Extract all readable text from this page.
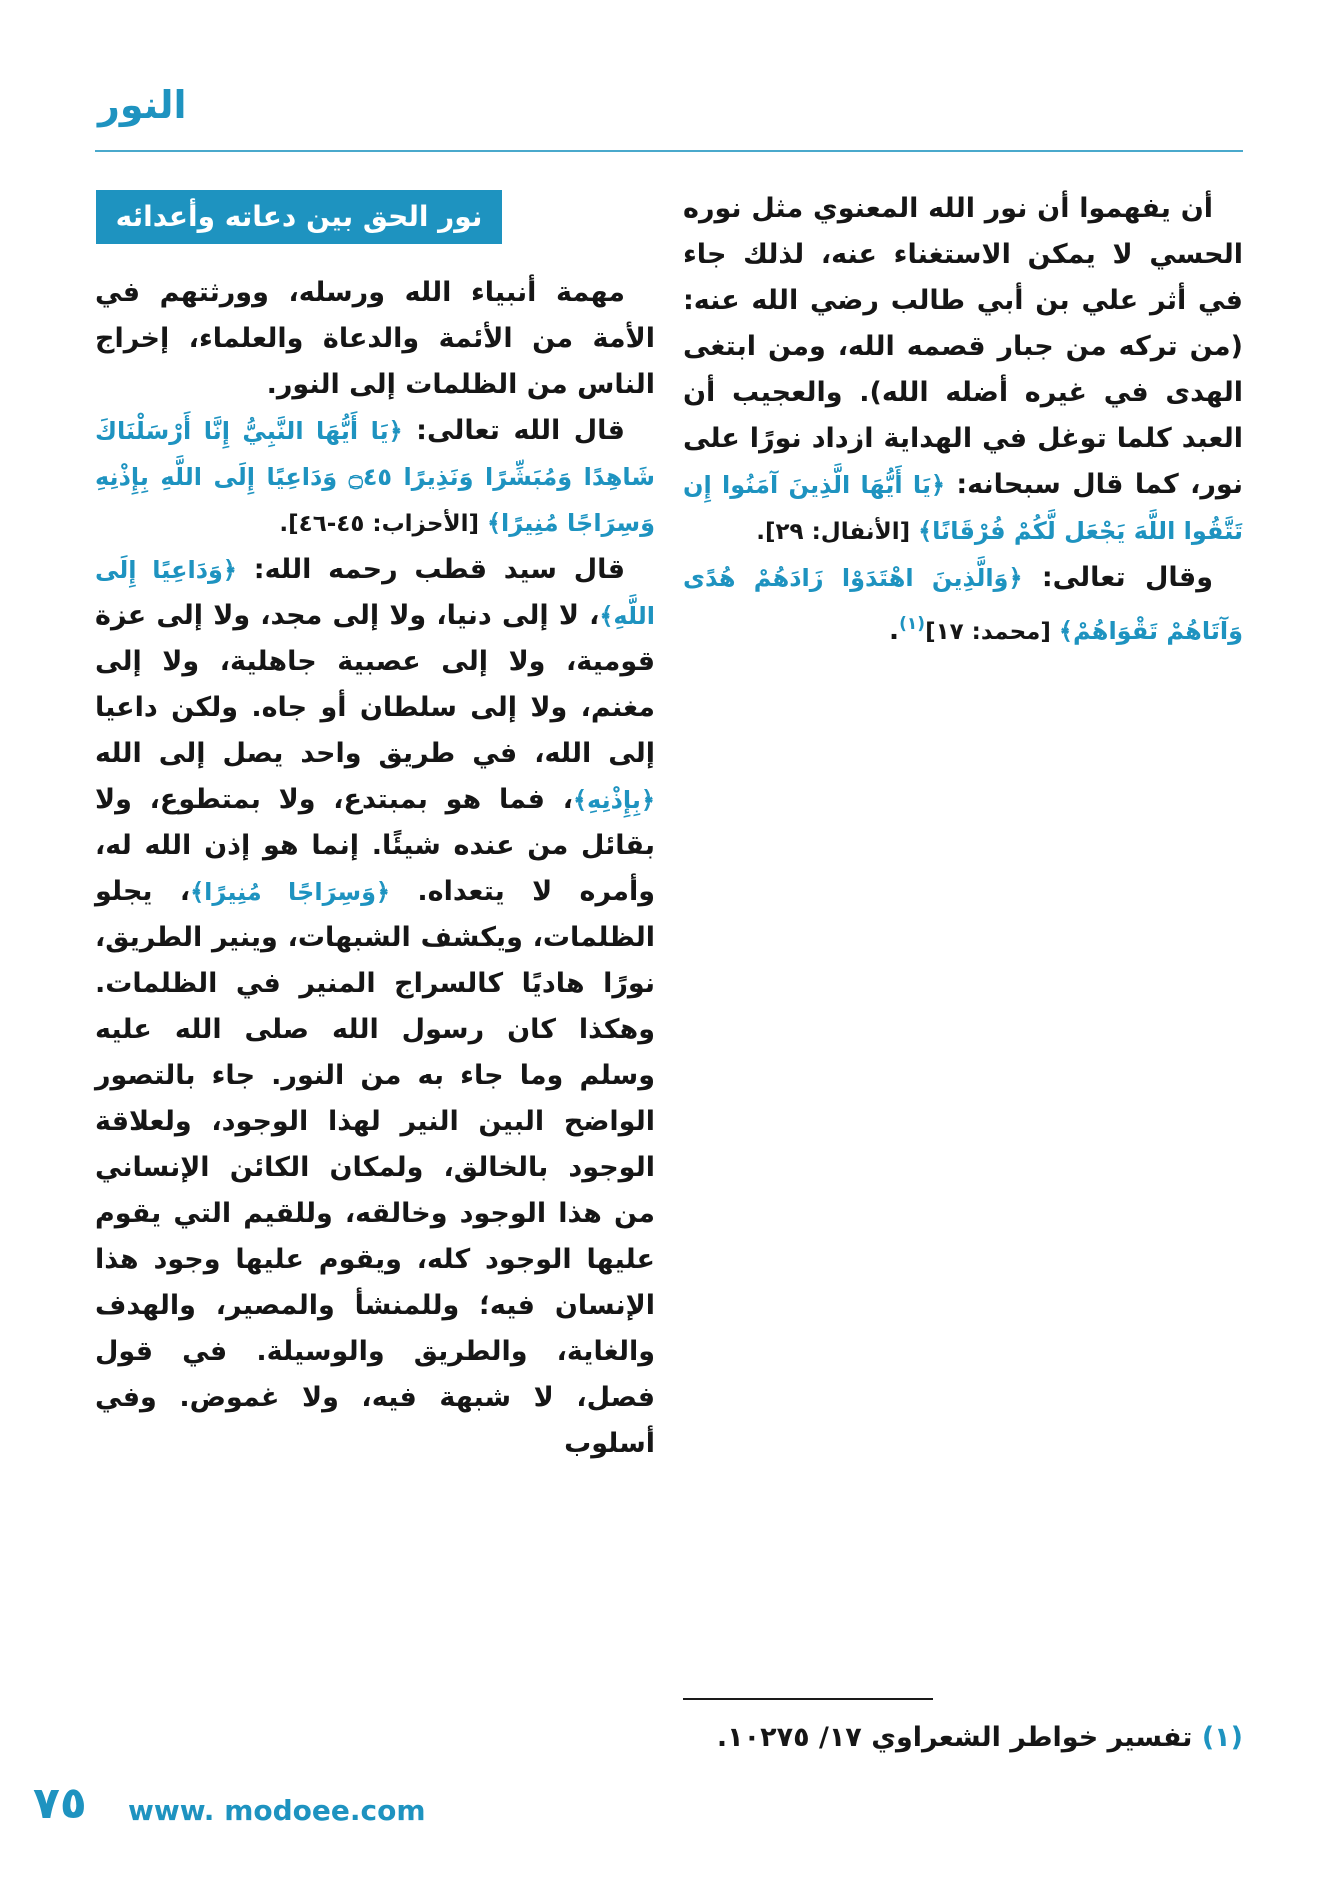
النور

أن يفهموا أن نور الله المعنوي مثل نوره الحسي لا يمكن الاستغناء عنه، لذلك جاء في أثر علي بن أبي طالب رضي الله عنه: (من تركه من جبار قصمه الله، ومن ابتغى الهدى في غيره أضله الله). والعجيب أن العبد كلما توغل في الهداية ازداد نورًا على نور، كما قال سبحانه: ﴿يَا أَيُّهَا الَّذِينَ آمَنُوا إِن تَتَّقُوا اللَّهَ يَجْعَل لَّكُمْ فُرْقَانًا﴾ [الأنفال: ٢٩].

وقال تعالى: ﴿وَالَّذِينَ اهْتَدَوْا زَادَهُمْ هُدًى وَآتَاهُمْ تَقْوَاهُمْ﴾ [محمد: ١٧]$^{(١)}$.

نور الحق بين دعاته وأعدائه

مهمة أنبياء الله ورسله، وورثتهم في الأمة من الأئمة والدعاة والعلماء، إخراج الناس من الظلمات إلى النور.

قال الله تعالى: ﴿يَا أَيُّهَا النَّبِيُّ إِنَّا أَرْسَلْنَاكَ شَاهِدًا وَمُبَشِّرًا وَنَذِيرًا ۝٤٥ وَدَاعِيًا إِلَى اللَّهِ بِإِذْنِهِ وَسِرَاجًا مُنِيرًا﴾ [الأحزاب: ٤٥-٤٦].

قال سيد قطب رحمه الله: ﴿وَدَاعِيًا إِلَى اللَّهِ﴾، لا إلى دنيا، ولا إلى مجد، ولا إلى عزة قومية، ولا إلى عصبية جاهلية، ولا إلى مغنم، ولا إلى سلطان أو جاه. ولكن داعيا إلى الله، في طريق واحد يصل إلى الله ﴿بِإِذْنِهِ﴾، فما هو بمبتدع، ولا بمتطوع، ولا بقائل من عنده شيئًا. إنما هو إذن الله له، وأمره لا يتعداه. ﴿وَسِرَاجًا مُنِيرًا﴾، يجلو الظلمات، ويكشف الشبهات، وينير الطريق، نورًا هاديًا كالسراج المنير في الظلمات. وهكذا كان رسول الله صلى الله عليه وسلم وما جاء به من النور. جاء بالتصور الواضح البين النير لهذا الوجود، ولعلاقة الوجود بالخالق، ولمكان الكائن الإنساني من هذا الوجود وخالقه، وللقيم التي يقوم عليها الوجود كله، ويقوم عليها وجود هذا الإنسان فيه؛ وللمنشأ والمصير، والهدف والغاية، والطريق والوسيلة. في قول فصل، لا شبهة فيه، ولا غموض. وفي أسلوب

(١) تفسير خواطر الشعراوي ١٧/ ١٠٢٧٥.

٧٥ www. modoee.com
